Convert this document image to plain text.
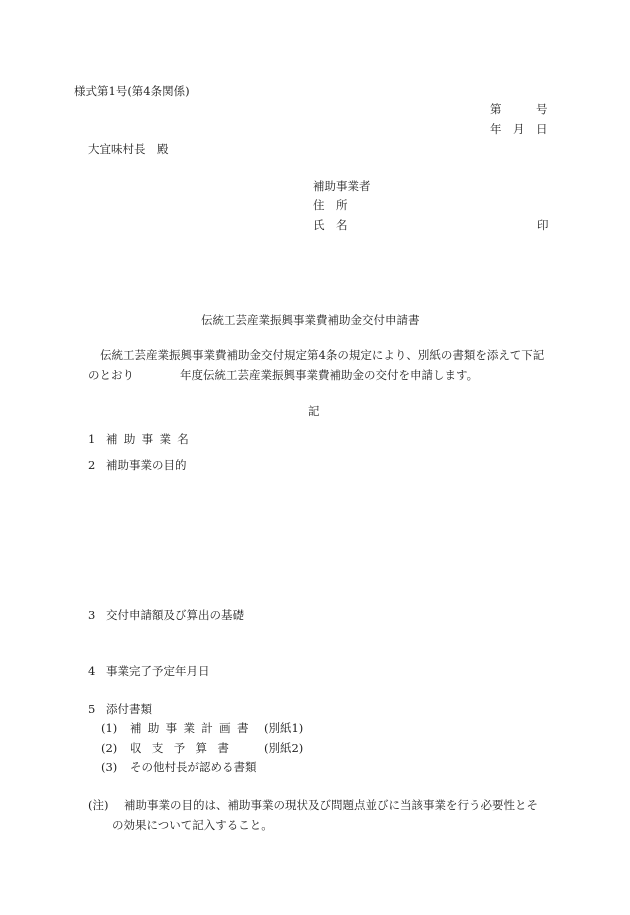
様式第1号(第4条関係)
第　　　号
年　月　日
大宜味村長　殿
補助事業者
住　所
氏　名	印
伝統工芸産業振興事業費補助金交付申請書
伝統工芸産業振興事業費補助金交付規定第4条の規定により、別紙の書類を添えて下記
のとおり　　　　年度伝統工芸産業振興事業費補助金の交付を申請します。
記
1 補助事業名
2 補助事業の目的
3 交付申請額及び算出の基礎
4 事業完了予定年月日
5 添付書類
(1) 補助事業計画書 (別紙1)
(2) 収支予算書 (別紙2)
(3) その他村長が認める書類
(注) 補助事業の目的は、補助事業の現状及び問題点並びに当該事業を行う必要性とそ
の効果について記入すること。
